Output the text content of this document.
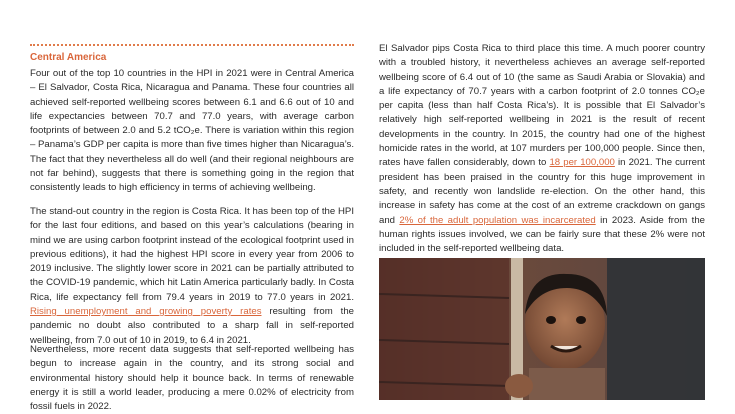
Central America

Four out of the top 10 countries in the HPI in 2021 were in Central America – El Salvador, Costa Rica, Nicaragua and Panama. These four countries all achieved self-reported wellbeing scores between 6.1 and 6.6 out of 10 and life expectancies between 70.7 and 77.0 years, with average carbon footprints of between 2.0 and 5.2 tCO₂e. There is variation within this region – Panama’s GDP per capita is more than five times higher than Nicaragua’s. The fact that they nevertheless all do well (and their regional neighbours are not far behind), suggests that there is something going in the region that consistently leads to high efficiency in terms of achieving wellbeing.

The stand-out country in the region is Costa Rica. It has been top of the HPI for the last four editions, and based on this year’s calculations (bearing in mind we are using carbon footprint instead of the ecological footprint used in previous editions), it had the highest HPI score in every year from 2006 to 2019 inclusive. The slightly lower score in 2021 can be partially attributed to the COVID-19 pandemic, which hit Latin America particularly badly. In Costa Rica, life expectancy fell from 79.4 years in 2019 to 77.0 years in 2021. Rising unemployment and growing poverty rates resulting from the pandemic no doubt also contributed to a sharp fall in self-reported wellbeing, from 7.0 out of 10 in 2019, to 6.4 in 2021.

Nevertheless, more recent data suggests that self-reported wellbeing has begun to increase again in the country, and its strong social and environmental history should help it bounce back. In terms of renewable energy it is still a world leader, producing a mere 0.02% of electricity from fossil fuels in 2022.

El Salvador pips Costa Rica to third place this time. A much poorer country with a troubled history, it nevertheless achieves an average self-reported wellbeing score of 6.4 out of 10 (the same as Saudi Arabia or Slovakia) and a life expectancy of 70.7 years with a carbon footprint of 2.0 tonnes CO₂e per capita (less than half Costa Rica’s). It is possible that El Salvador’s relatively high self-reported wellbeing in 2021 is the result of recent developments in the country. In 2015, the country had one of the highest homicide rates in the world, at 107 murders per 100,000 people. Since then, rates have fallen considerably, down to 18 per 100,000 in 2021. The current president has been praised in the country for this huge improvement in safety, and recently won landslide re-election. On the other hand, this increase in safety has come at the cost of an extreme crackdown on gangs and 2% of the adult population was incarcerated in 2023. Aside from the human rights issues involved, we can be fairly sure that these 2% were not included in the self-reported wellbeing data.
